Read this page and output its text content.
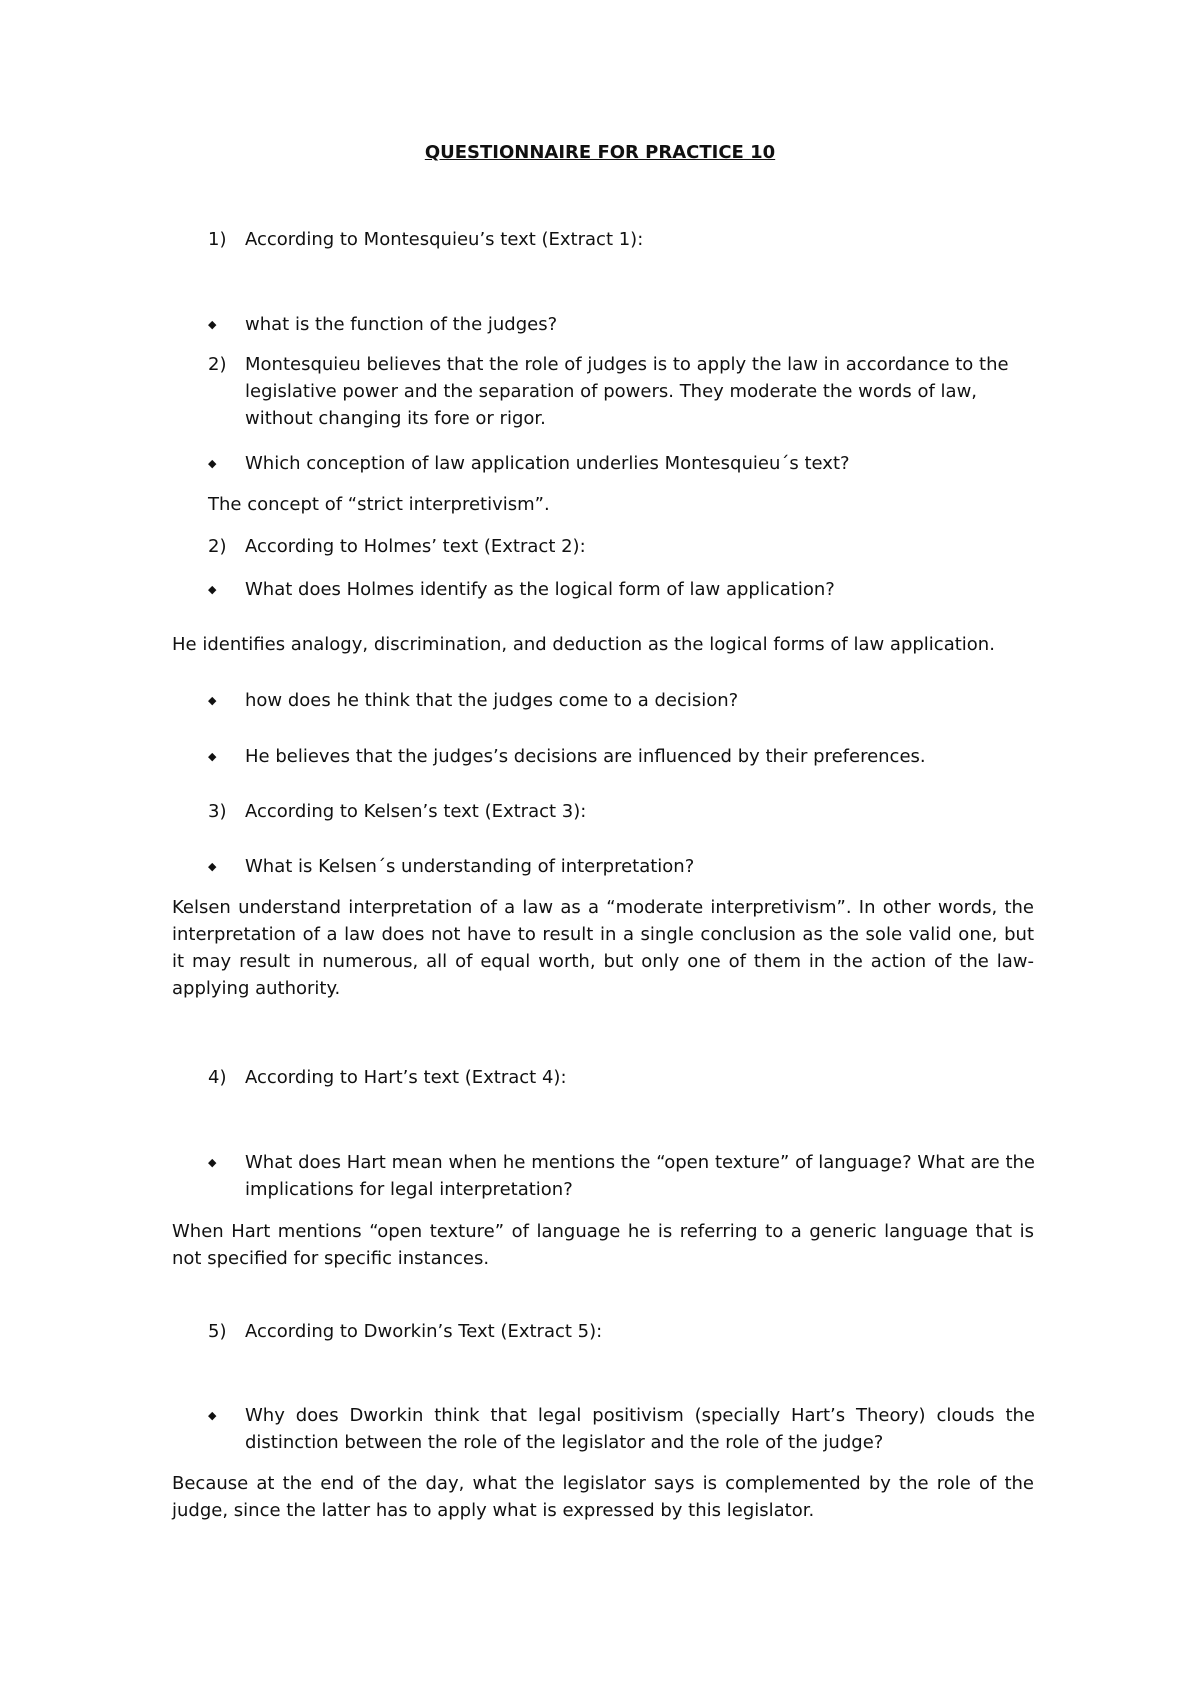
QUESTIONNAIRE FOR PRACTICE 10
1) According to Montesquieu’s text (Extract 1):
◆ what is the function of the judges?
2) Montesquieu believes that the role of judges is to apply the law in accordance to the legislative power and the separation of powers. They moderate the words of law, without changing its fore or rigor.
◆ Which conception of law application underlies Montesquieu´s text?
The concept of “strict interpretivism”.
2) According to Holmes’ text (Extract 2):
◆ What does Holmes identify as the logical form of law application?
He identifies analogy, discrimination, and deduction as the logical forms of law application.
◆ how does he think that the judges come to a decision?
◆ He believes that the judges’s decisions are influenced by their preferences.
3) According to Kelsen’s text (Extract 3):
◆ What is Kelsen´s understanding of interpretation?
Kelsen understand interpretation of a law as a “moderate interpretivism”. In other words, the interpretation of a law does not have to result in a single conclusion as the sole valid one, but it may result in numerous, all of equal worth, but only one of them in the action of the law-applying authority.
4) According to Hart’s text (Extract 4):
◆ What does Hart mean when he mentions the “open texture” of language? What are the implications for legal interpretation?
When Hart mentions “open texture” of language he is referring to a generic language that is not specified for specific instances.
5) According to Dworkin’s Text (Extract 5):
◆ Why does Dworkin think that legal positivism (specially Hart’s Theory) clouds the distinction between the role of the legislator and the role of the judge?
Because at the end of the day, what the legislator says is complemented by the role of the judge, since the latter has to apply what is expressed by this legislator.
